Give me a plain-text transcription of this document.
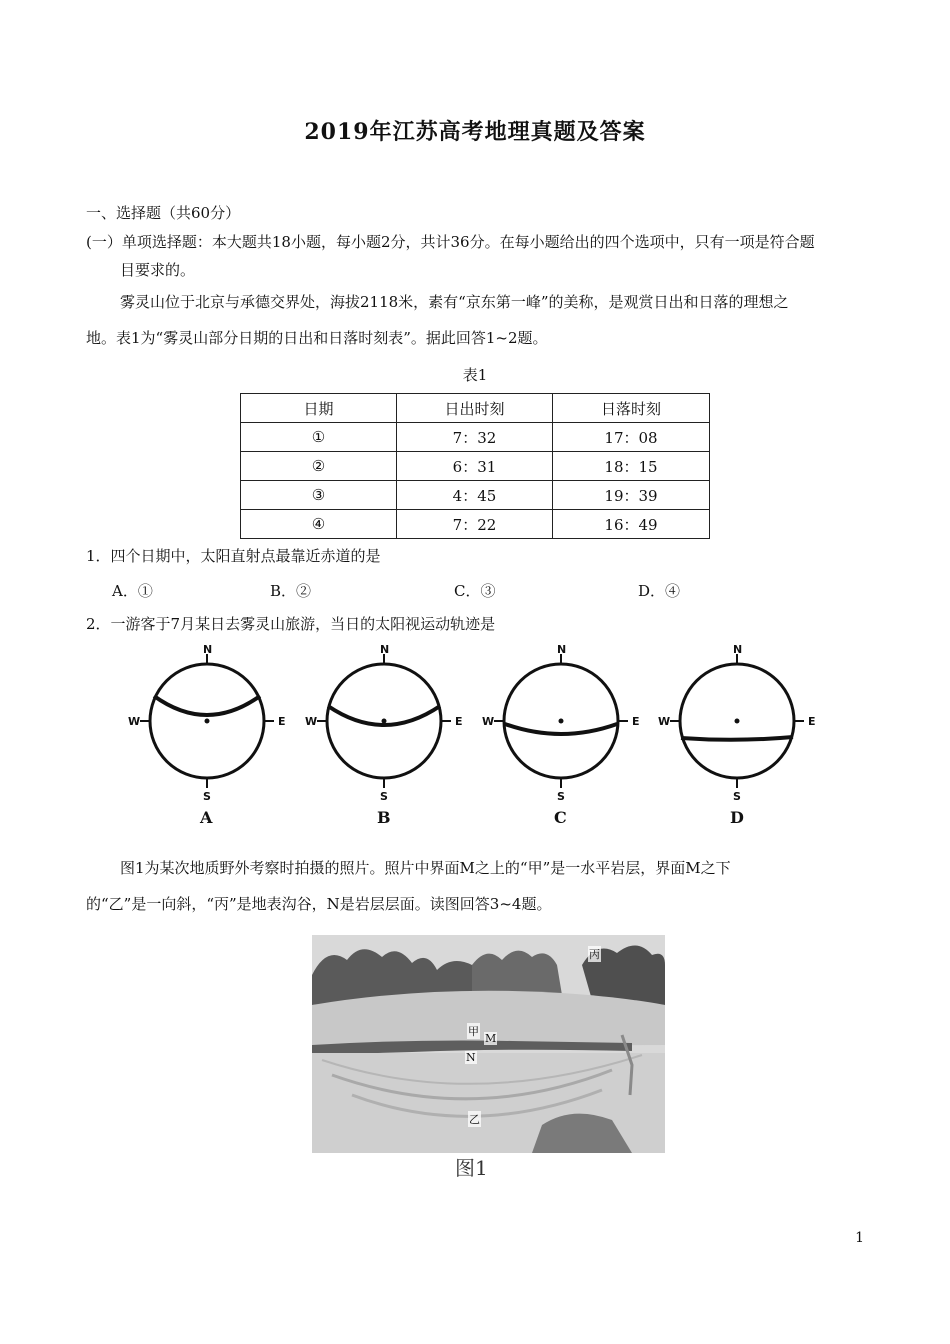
2019年江苏高考地理真题及答案
一、选择题（共60分）
(一）单项选择题：本大题共18小题，每小题2分，共计36分。在每小题给出的四个选项中，只有一项是符合题
目要求的。
雾灵山位于北京与承德交界处，海拔2118米，素有“京东第一峰”的美称，是观赏日出和日落的理想之
地。表1为“雾灵山部分日期的日出和日落时刻表”。据此回答1~2题。
表1
日期	日出时刻	日落时刻
①	7：32	17：08
②	6：31	18：15
③	4：45	19：39
④	7：22	16：49
1．四个日期中，太阳直射点最靠近赤道的是
A．①	B．②	C．③	D．④
2．一游客于7月某日去雾灵山旅游，当日的太阳视运动轨迹是
N
S
W	E
A
N
S
W	E
B
N
S
W	E
C
N
S
W	E
D
图1为某次地质野外考察时拍摄的照片。照片中界面M之上的“甲”是一水平岩层，界面M之下
的“乙”是一向斜，“丙”是地表沟谷，N是岩层层面。读图回答3~4题。
丙
甲
M
N
乙
图1
1
